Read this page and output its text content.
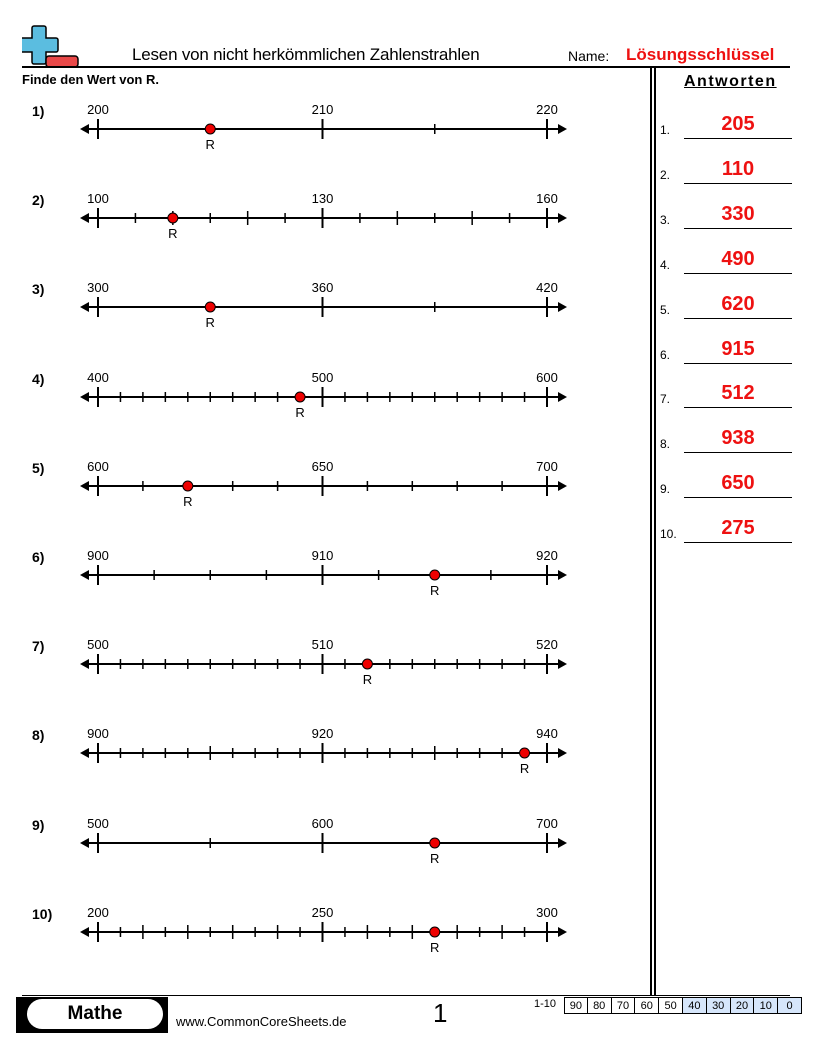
Lesen von nicht herkömmlichen Zahlenstrahlen	Name: Lösungsschlüssel
Finde den Wert von R.
1)	200	210	220
R
2)	100	130	160
R
3)	300	360	420
R
4)	400	500	600
R
5)	600	650	700
R
6)	900	910	920
R
7)	500	510	520
R
8)	900	920	940
R
9)	500	600	700
R
10)	200	250	300
R
Antworten
1.	205
2.	110
3.	330
4.	490
5.	620
6.	915
7.	512
8.	938
9.	650
10.	275
Mathe	www.CommonCoreSheets.de	1	1-10	90	80	70	60	50	40	30	20	10	0
